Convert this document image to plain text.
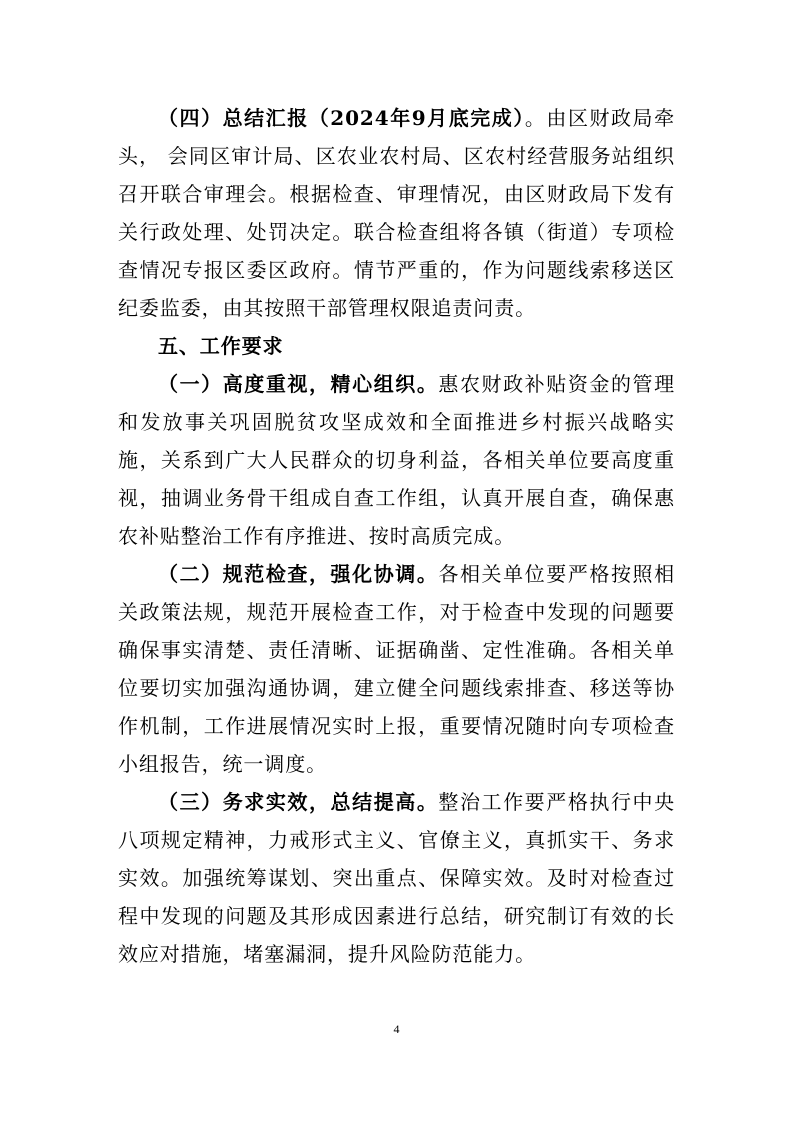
（四）总结汇报（2024年9月底完成）。由区财政局牵头， 会同区审计局、区农业农村局、区农村经营服务站组织召开联合审理会。根据检查、审理情况，由区财政局下发有关行政处理、处罚决定。联合检查组将各镇（街道）专项检查情况专报区委区政府。情节严重的，作为问题线索移送区纪委监委，由其按照干部管理权限追责问责。

五、工作要求

（一）高度重视，精心组织。惠农财政补贴资金的管理和发放事关巩固脱贫攻坚成效和全面推进乡村振兴战略实施，关系到广大人民群众的切身利益，各相关单位要高度重视，抽调业务骨干组成自查工作组，认真开展自查，确保惠农补贴整治工作有序推进、按时高质完成。

（二）规范检查，强化协调。各相关单位要严格按照相关政策法规，规范开展检查工作，对于检查中发现的问题要确保事实清楚、责任清晰、证据确凿、定性准确。各相关单位要切实加强沟通协调，建立健全问题线索排查、移送等协作机制，工作进展情况实时上报，重要情况随时向专项检查小组报告，统一调度。

（三）务求实效，总结提高。整治工作要严格执行中央八项规定精神，力戒形式主义、官僚主义，真抓实干、务求实效。加强统筹谋划、突出重点、保障实效。及时对检查过程中发现的问题及其形成因素进行总结，研究制订有效的长效应对措施，堵塞漏洞，提升风险防范能力。

4
